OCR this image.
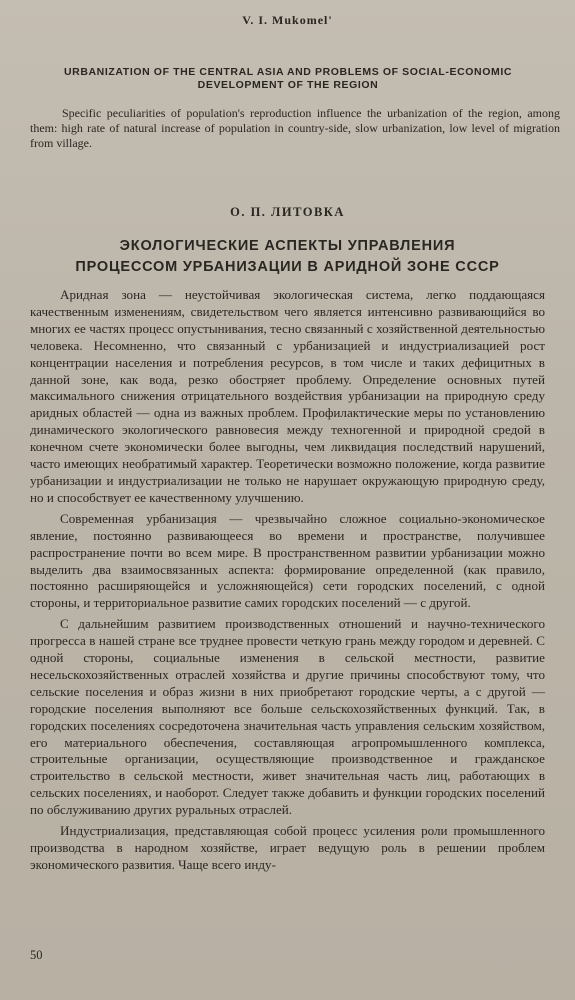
V. I. Mukomel'
URBANIZATION OF THE CENTRAL ASIA AND PROBLEMS OF SOCIAL-ECONOMIC
DEVELOPMENT OF THE REGION
Specific peculiarities of population's reproduction influence the urbanization of the region, among them: high rate of natural increase of population in country-side, slow urbanization, low level of migration from village.
О. П. ЛИТОВКА
ЭКОЛОГИЧЕСКИЕ АСПЕКТЫ УПРАВЛЕНИЯ
ПРОЦЕССОМ УРБАНИЗАЦИИ В АРИДНОЙ ЗОНЕ СССР

Аридная зона — неустойчивая экологическая система, легко поддающаяся качественным изменениям, свидетельством чего является интенсивно развивающийся во многих ее частях процесс опустынивания, тесно связанный с хозяйственной деятельностью человека. Несомненно, что связанный с урбанизацией и индустриализацией рост концентрации населения и потребления ресурсов, в том числе и таких дефицитных в данной зоне, как вода, резко обостряет проблему. Определение основных путей максимального снижения отрицательного воздействия урбанизации на природную среду аридных областей — одна из важных проблем. Профилактические меры по установлению динамического экологического равновесия между техногенной и природной средой в конечном счете экономически более выгодны, чем ликвидация последствий нарушений, часто имеющих необратимый характер. Теоретически возможно положение, когда развитие урбанизации и индустриализации не только не нарушает окружающую природную среду, но и способствует ее качественному улучшению.

Современная урбанизация — чрезвычайно сложное социально-экономическое явление, постоянно развивающееся во времени и пространстве, получившее распространение почти во всем мире. В пространственном развитии урбанизации можно выделить два взаимосвязанных аспекта: формирование определенной (как правило, постоянно расширяющейся и усложняющейся) сети городских поселений, с одной стороны, и территориальное развитие самих городских поселений — с другой.

С дальнейшим развитием производственных отношений и научно-технического прогресса в нашей стране все труднее провести четкую грань между городом и деревней. С одной стороны, социальные изменения в сельской местности, развитие несельскохозяйственных отраслей хозяйства и другие причины способствуют тому, что сельские поселения и образ жизни в них приобретают городские черты, а с другой — городские поселения выполняют все больше сельскохозяйственных функций. Так, в городских поселениях сосредоточена значительная часть управления сельским хозяйством, его материального обеспечения, составляющая агропромышленного комплекса, строительные организации, осуществляющие производственное и гражданское строительство в сельской местности, живет значительная часть лиц, работающих в сельских поселениях, и наоборот. Следует также добавить и функции городских поселений по обслуживанию других руральных отраслей.

Индустриализация, представляющая собой процесс усиления роли промышленного производства в народном хозяйстве, играет ведущую роль в решении проблем экономического развития. Чаще всего инду-

50
